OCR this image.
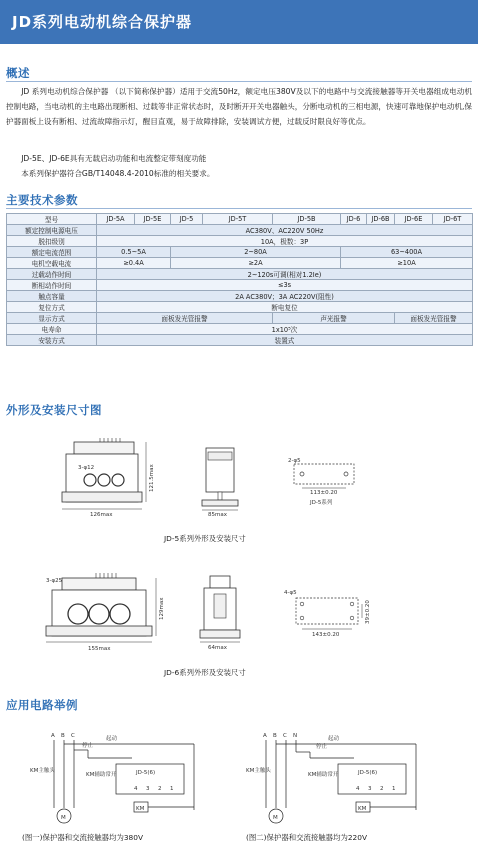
JD系列电动机综合保护器
概述
JD 系列电动机综合保护器 （以下简称保护器）适用于交流50Hz，额定电压380V及以下的电路中与交流接触器等开关电器组成电动机控制电路，当电动机的主电路出现断相、过载等非正常状态时，及时断开开关电器触头，分断电动机的三相电源，快速可靠地保护电动机,保护器面板上设有断相、过流故障指示灯，醒目直观，易于故障排除，安装调试方便，过载反时限良好等优点。
JD-5E、JD-6E具有无载启动功能和电流整定带刻度功能
本系列保护器符合GB/T14048.4-2010标准的相关要求。
主要技术参数
型号	JD-5A	JD-5E	JD-5	JD-5T	JD-5B	JD-6	JD-6B	JD-6E	JD-6T
额定控制电源电压	AC380V、AC220V 50Hz								
脱扣级别	10A，极数：3P								
额定电流范围	0.5~5A		2~80A			63~400A			
电机空载电流	≥0.4A		≥2A			≥10A			
过载动作时间	2~120s可调(相对1.2Ie)								
断相动作时间	≤3s								
触点容量	2A AC380V；3A AC220V(阻性)								
复位方式	断电复位								
显示方式	面板发光管报警				声光报警			面板发光管报警	
电寿命	1x10⁵次								
安装方式	装置式								
外形及安装尺寸图
3-φ12
126max
121.5max
85max
2-φ5
113±0.20
JD-5系列
JD-5系列外形及安装尺寸
3-φ25
155max
129max
64max
4-φ5
143±0.20
39±0.20
JD-6系列外形及安装尺寸
应用电路举例
A B C
停止
起动
KM主触头
KM辅助常开	JD-5(6)
4 3 2 1
KM
M
(图一)保护器和交流接触器均为380V
A B C N
停止
起动
KM主触头
KM辅助常开	JD-5(6)
4 3 2 1
KM
M
(图二)保护器和交流接触器均为220V
